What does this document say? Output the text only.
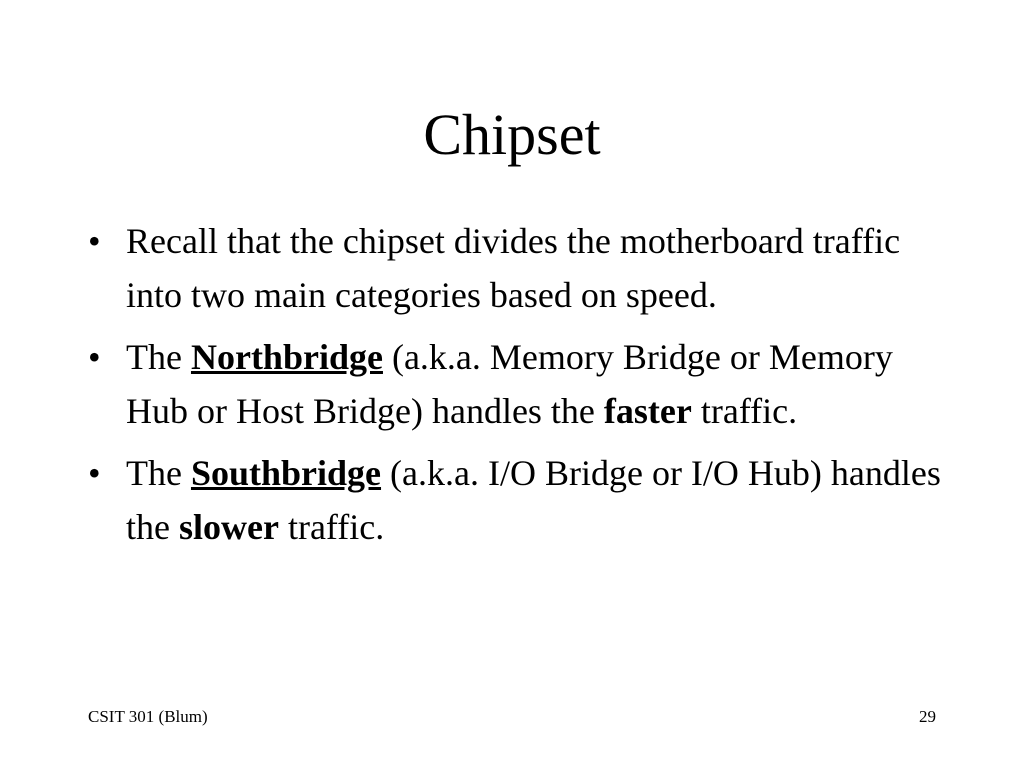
Chipset
• Recall that the chipset divides the motherboard traffic into two main categories based on speed.
• The Northbridge (a.k.a. Memory Bridge or Memory Hub or Host Bridge) handles the faster traffic.
• The Southbridge (a.k.a. I/O Bridge or I/O Hub) handles the slower traffic.
CSIT 301 (Blum)	29
